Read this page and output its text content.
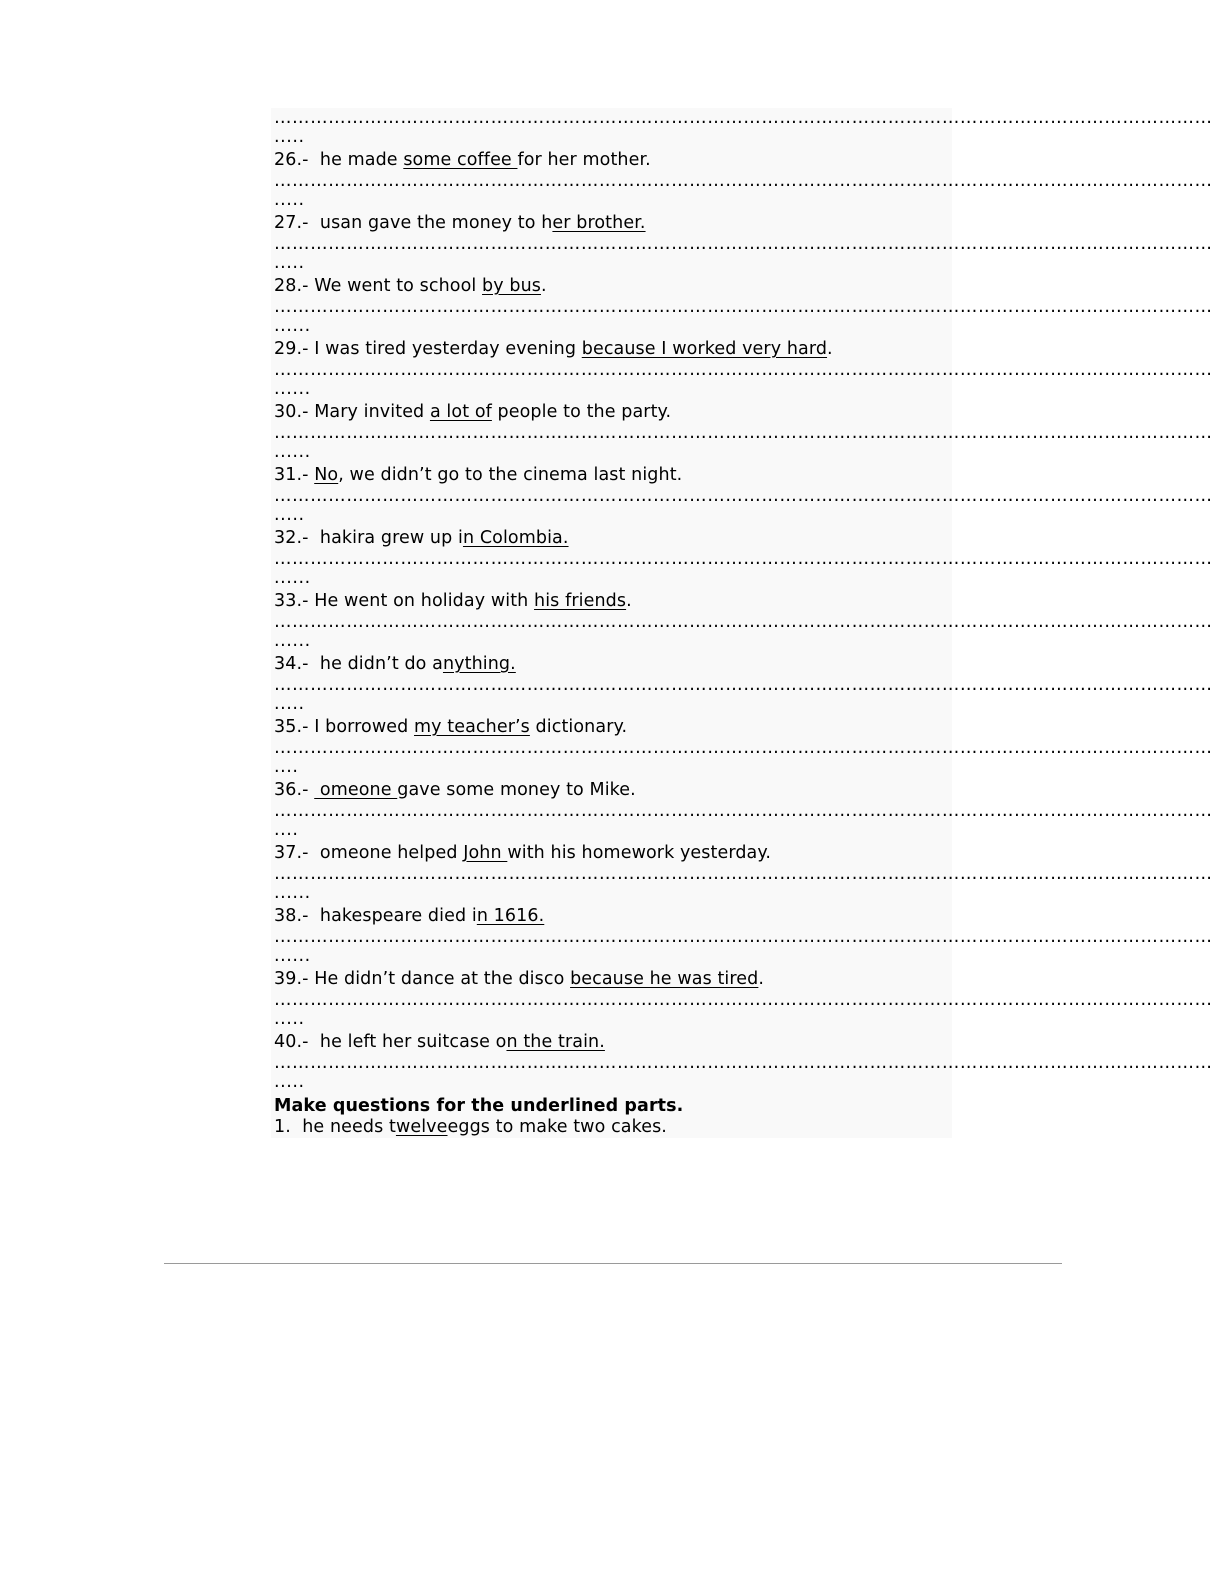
…………………………………………………………………………………………………………………………………………
.....
26.-  he made some coffee for her mother.
…………………………………………………………………………………………………………………………………………
.....
27.-  usan gave the money to her brother.
…………………………………………………………………………………………………………………………………………
.....
28.- We went to school by bus.
…………………………………………………………………………………………………………………………………………
......
29.- I was tired yesterday evening because I worked very hard.
…………………………………………………………………………………………………………………………………………
......
30.- Mary invited a lot of people to the party.
…………………………………………………………………………………………………………………………………………
......
31.- No, we didn’t go to the cinema last night.
…………………………………………………………………………………………………………………………………………
.....
32.-  hakira grew up in Colombia.
…………………………………………………………………………………………………………………………………………
......
33.- He went on holiday with his friends.
…………………………………………………………………………………………………………………………………………
......
34.-  he didn’t do anything.
…………………………………………………………………………………………………………………………………………
.....
35.- I borrowed my teacher’s dictionary.
…………………………………………………………………………………………………………………………………………
....
36.-  omeone gave some money to Mike.
…………………………………………………………………………………………………………………………………………
....
37.-  omeone helped John with his homework yesterday.
…………………………………………………………………………………………………………………………………………
......
38.-  hakespeare died in 1616.
…………………………………………………………………………………………………………………………………………
......
39.- He didn’t dance at the disco because he was tired.
…………………………………………………………………………………………………………………………………………
.....
40.-  he left her suitcase on the train.
…………………………………………………………………………………………………………………………………………
.....
Make questions for the underlined parts.
1.  he needs twelveeggs to make two cakes.
